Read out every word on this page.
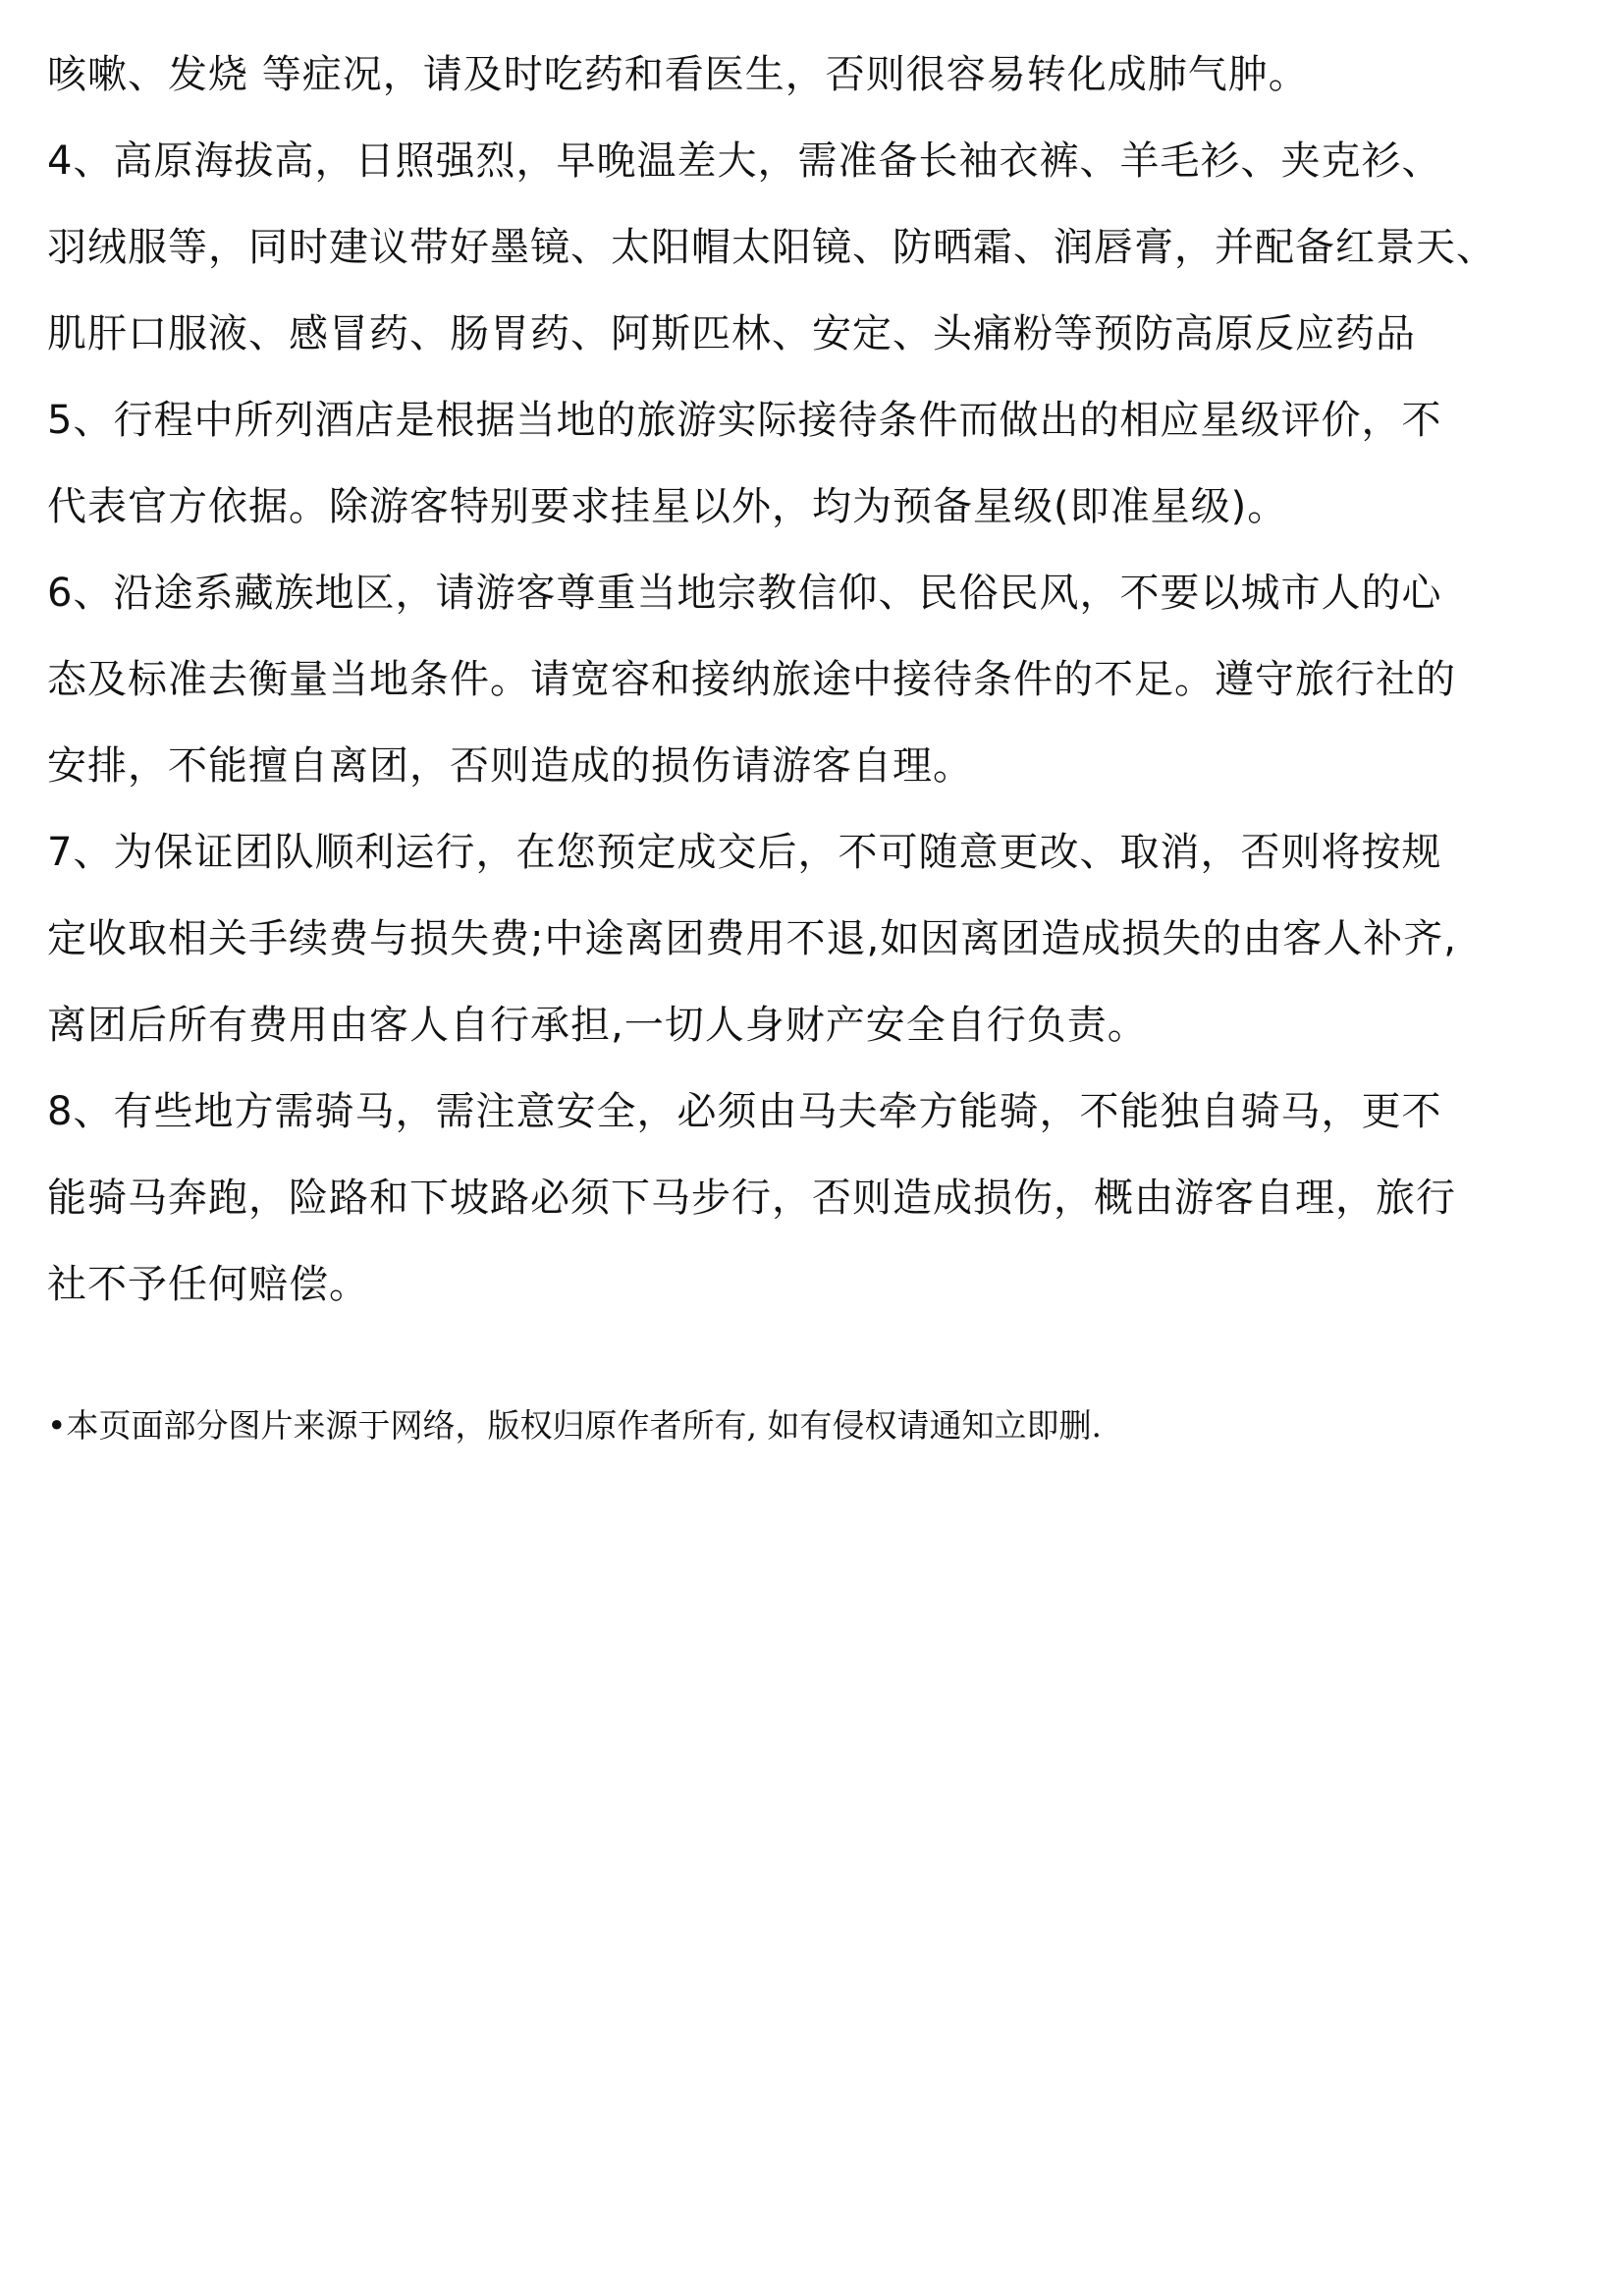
咳嗽、发烧 等症况，请及时吃药和看医生，否则很容易转化成肺气肿。

4、高原海拔高，日照强烈，早晚温差大，需准备长袖衣裤、羊毛衫、夹克衫、
羽绒服等，同时建议带好墨镜、太阳帽太阳镜、防晒霜、润唇膏，并配备红景天、
肌肝口服液、感冒药、肠胃药、阿斯匹林、安定、头痛粉等预防高原反应药品

5、行程中所列酒店是根据当地的旅游实际接待条件而做出的相应星级评价，不
代表官方依据。除游客特别要求挂星以外，均为预备星级(即准星级)。

6、沿途系藏族地区，请游客尊重当地宗教信仰、民俗民风，不要以城市人的心
态及标准去衡量当地条件。请宽容和接纳旅途中接待条件的不足。遵守旅行社的
安排，不能擅自离团，否则造成的损伤请游客自理。

7、为保证团队顺利运行，在您预定成交后，不可随意更改、取消，否则将按规
定收取相关手续费与损失费;中途离团费用不退,如因离团造成损失的由客人补齐,
离团后所有费用由客人自行承担,一切人身财产安全自行负责。

8、有些地方需骑马，需注意安全，必须由马夫牵方能骑，不能独自骑马，更不
能骑马奔跑，险路和下坡路必须下马步行，否则造成损伤，概由游客自理，旅行
社不予任何赔偿。

•本页面部分图片来源于网络，版权归原作者所有, 如有侵权请通知立即删.
